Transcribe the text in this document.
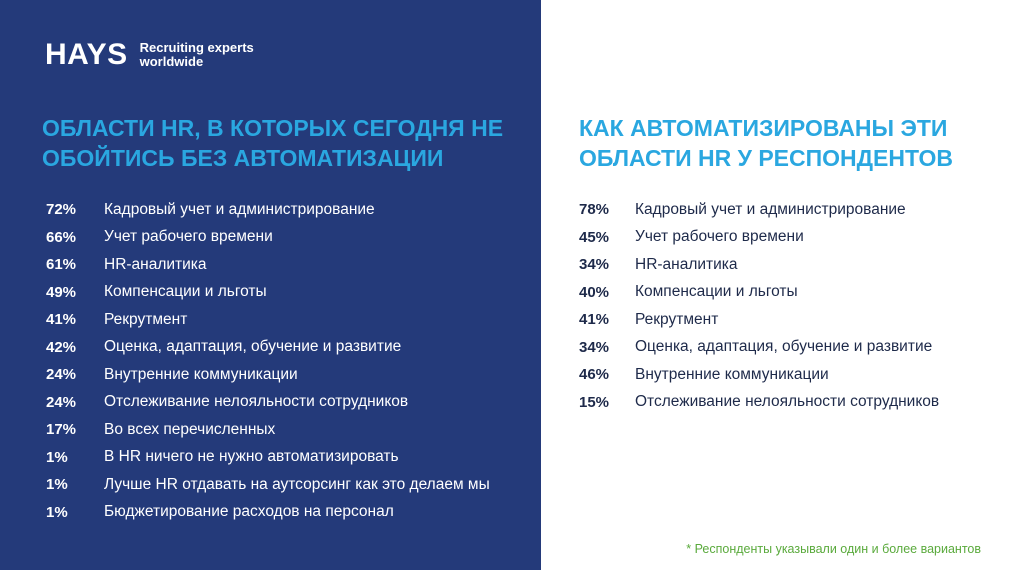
HAYS Recruiting experts
worldwide
ОБЛАСТИ HR, В КОТОРЫХ СЕГОДНЯ НЕ
ОБОЙТИСЬ БЕЗ АВТОМАТИЗАЦИИ
72%	Кадровый учет и администрирование
66%	Учет рабочего времени
61%	HR-аналитика
49%	Компенсации и льготы
41%	Рекрутмент
42%	Оценка, адаптация, обучение и развитие
24%	Внутренние коммуникации
24%	Отслеживание нелояльности сотрудников
17%	Во всех перечисленных
1%	В HR ничего не нужно автоматизировать
1%	Лучше HR отдавать на аутсорсинг как это делаем мы
1%	Бюджетирование расходов на персонал
КАК АВТОМАТИЗИРОВАНЫ ЭТИ
ОБЛАСТИ HR У РЕСПОНДЕНТОВ
78%	Кадровый учет и администрирование
45%	Учет рабочего времени
34%	HR-аналитика
40%	Компенсации и льготы
41%	Рекрутмент
34%	Оценка, адаптация, обучение и развитие
46%	Внутренние коммуникации
15%	Отслеживание нелояльности сотрудников
* Респонденты указывали один и более вариантов
